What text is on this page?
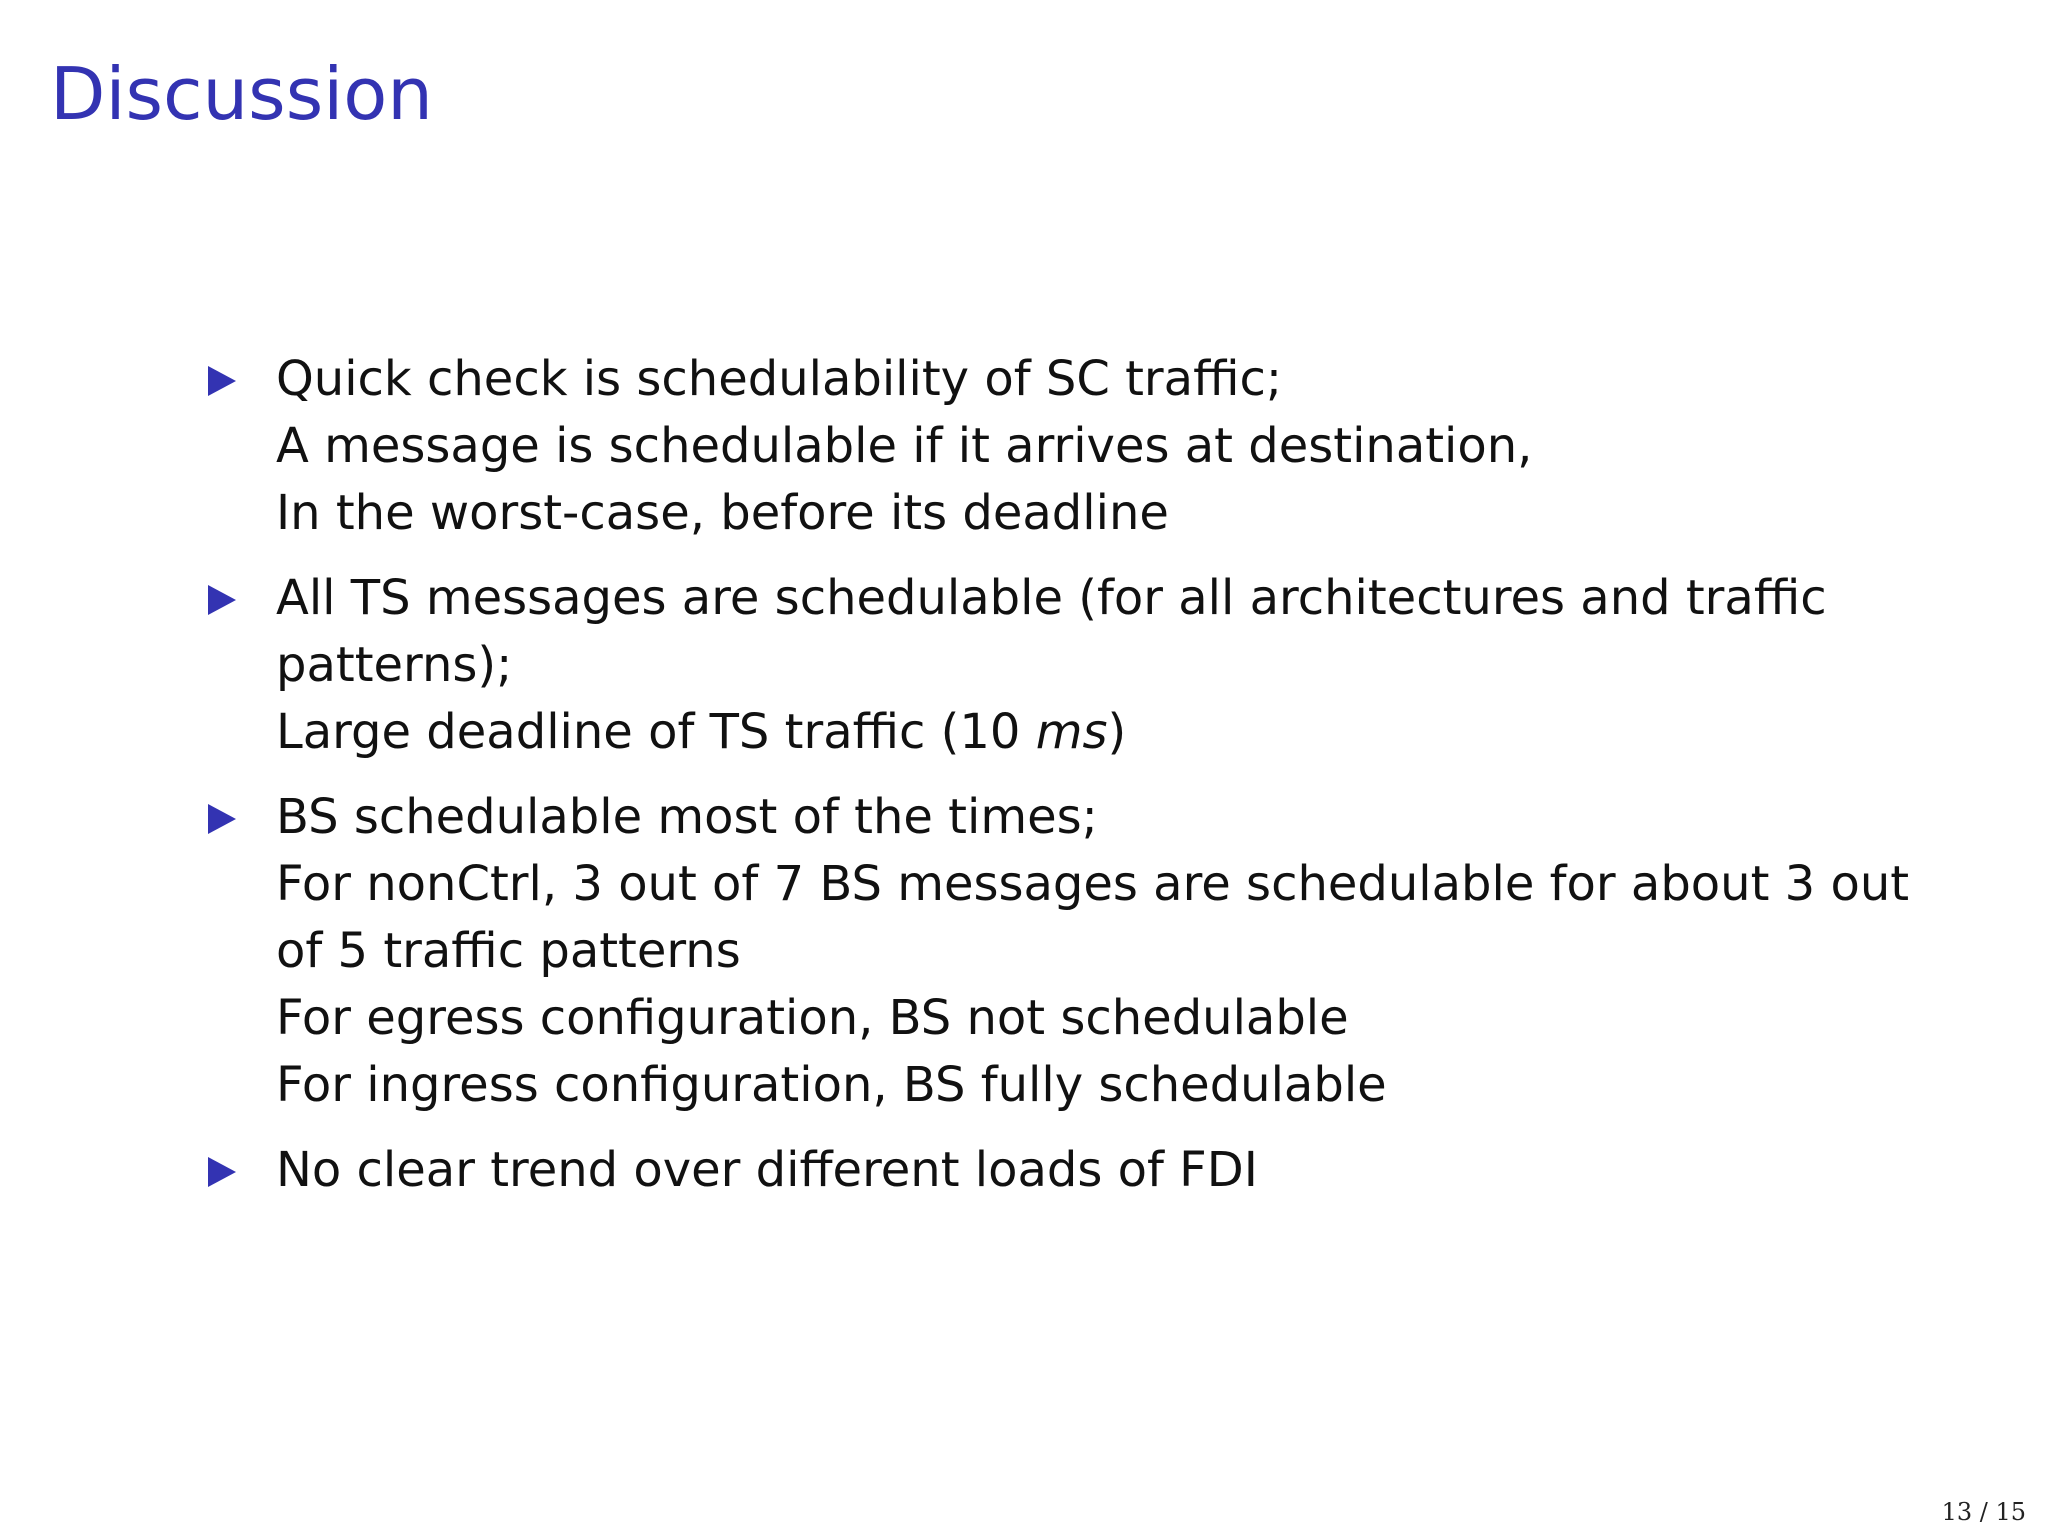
Discussion
Quick check is schedulability of SC traffic;
A message is schedulable if it arrives at destination,
In the worst-case, before its deadline
All TS messages are schedulable (for all architectures and traffic
patterns);
Large deadline of TS traffic (10 ms)
BS schedulable most of the times;
For nonCtrl, 3 out of 7 BS messages are schedulable for about 3 out
of 5 traffic patterns
For egress configuration, BS not schedulable
For ingress configuration, BS fully schedulable
No clear trend over different loads of FDI
13 / 15
